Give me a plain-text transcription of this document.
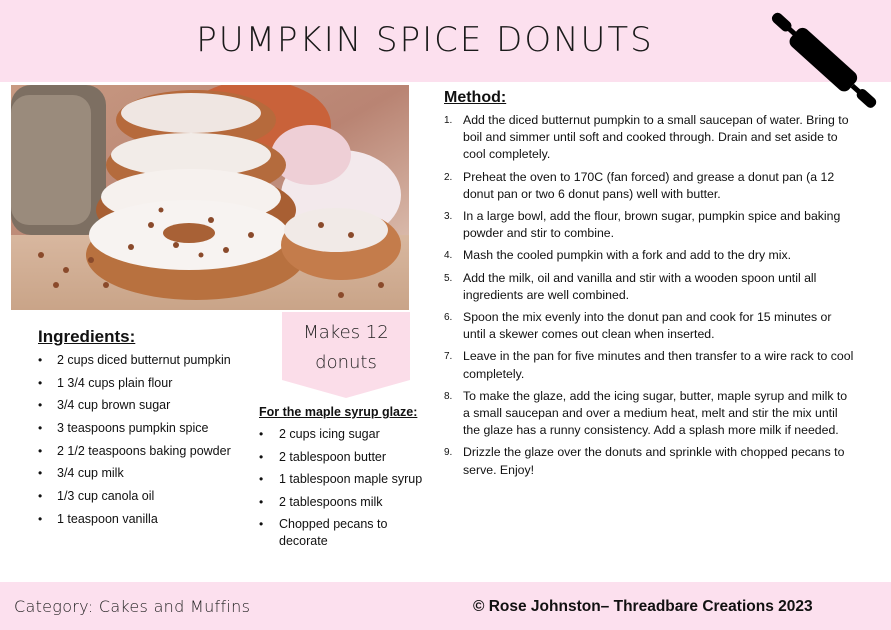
PUMPKIN SPICE DONUTS
Makes 12
donuts
Ingredients:
• 2 cups diced butternut pumpkin
• 1 3/4 cups plain flour
• 3/4 cup brown sugar
• 3 teaspoons pumpkin spice
• 2 1/2 teaspoons baking powder
• 3/4 cup milk
• 1/3 cup canola oil
• 1 teaspoon vanilla
For the maple syrup glaze:
• 2 cups icing sugar
• 2 tablespoon butter
• 1 tablespoon maple syrup
• 2 tablespoons milk
• Chopped pecans to decorate
Method:
1. Add the diced butternut pumpkin to a small saucepan of water. Bring to boil and simmer until soft and cooked through. Drain and set aside to cool completely.
2. Preheat the oven to 170C (fan forced) and grease a donut pan (a 12 donut pan or two 6 donut pans) well with butter.
3. In a large bowl, add the flour, brown sugar, pumpkin spice and baking powder and stir to combine.
4. Mash the cooled pumpkin with a fork and add to the dry mix.
5. Add the milk, oil and vanilla and stir with a wooden spoon until all ingredients are well combined.
6. Spoon the mix evenly into the donut pan and cook for 15 minutes or until a skewer comes out clean when inserted.
7. Leave in the pan for five minutes and then transfer to a wire rack to cool completely.
8. To make the glaze, add the icing sugar, butter, maple syrup and milk to a small saucepan and over a medium heat, melt and stir the mix until the glaze has a runny consistency. Add a splash more milk if needed.
9. Drizzle the glaze over the donuts and sprinkle with chopped pecans to serve. Enjoy!
Category: Cakes and Muffins	© Rose Johnston– Threadbare Creations 2023
